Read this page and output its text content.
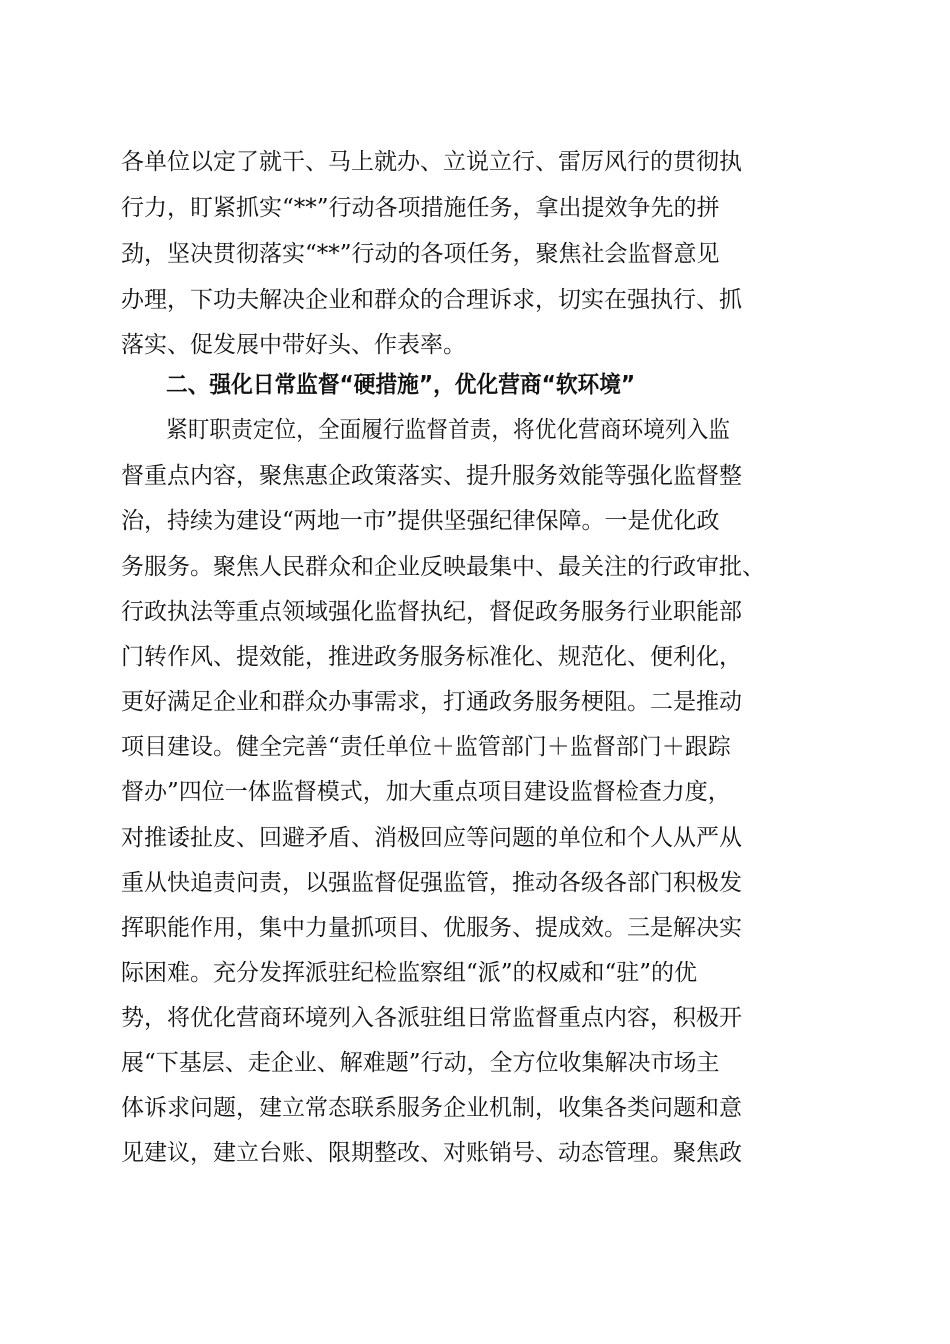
各单位以定了就干、马上就办、立说立行、雷厉风行的贯彻执
行力，盯紧抓实“**”行动各项措施任务，拿出提效争先的拼
劲，坚决贯彻落实“**”行动的各项任务，聚焦社会监督意见
办理，下功夫解决企业和群众的合理诉求，切实在强执行、抓
落实、促发展中带好头、作表率。
二、强化日常监督“硬措施”，优化营商“软环境”
紧盯职责定位，全面履行监督首责，将优化营商环境列入监
督重点内容，聚焦惠企政策落实、提升服务效能等强化监督整
治，持续为建设“两地一市”提供坚强纪律保障。一是优化政
务服务。聚焦人民群众和企业反映最集中、最关注的行政审批、
行政执法等重点领域强化监督执纪，督促政务服务行业职能部
门转作风、提效能，推进政务服务标准化、规范化、便利化，
更好满足企业和群众办事需求，打通政务服务梗阻。二是推动
项目建设。健全完善“责任单位＋监管部门＋监督部门＋跟踪
督办”四位一体监督模式，加大重点项目建设监督检查力度，
对推诿扯皮、回避矛盾、消极回应等问题的单位和个人从严从
重从快追责问责，以强监督促强监管，推动各级各部门积极发
挥职能作用，集中力量抓项目、优服务、提成效。三是解决实
际困难。充分发挥派驻纪检监察组“派”的权威和“驻”的优
势，将优化营商环境列入各派驻组日常监督重点内容，积极开
展“下基层、走企业、解难题”行动，全方位收集解决市场主
体诉求问题，建立常态联系服务企业机制，收集各类问题和意
见建议，建立台账、限期整改、对账销号、动态管理。聚焦政
